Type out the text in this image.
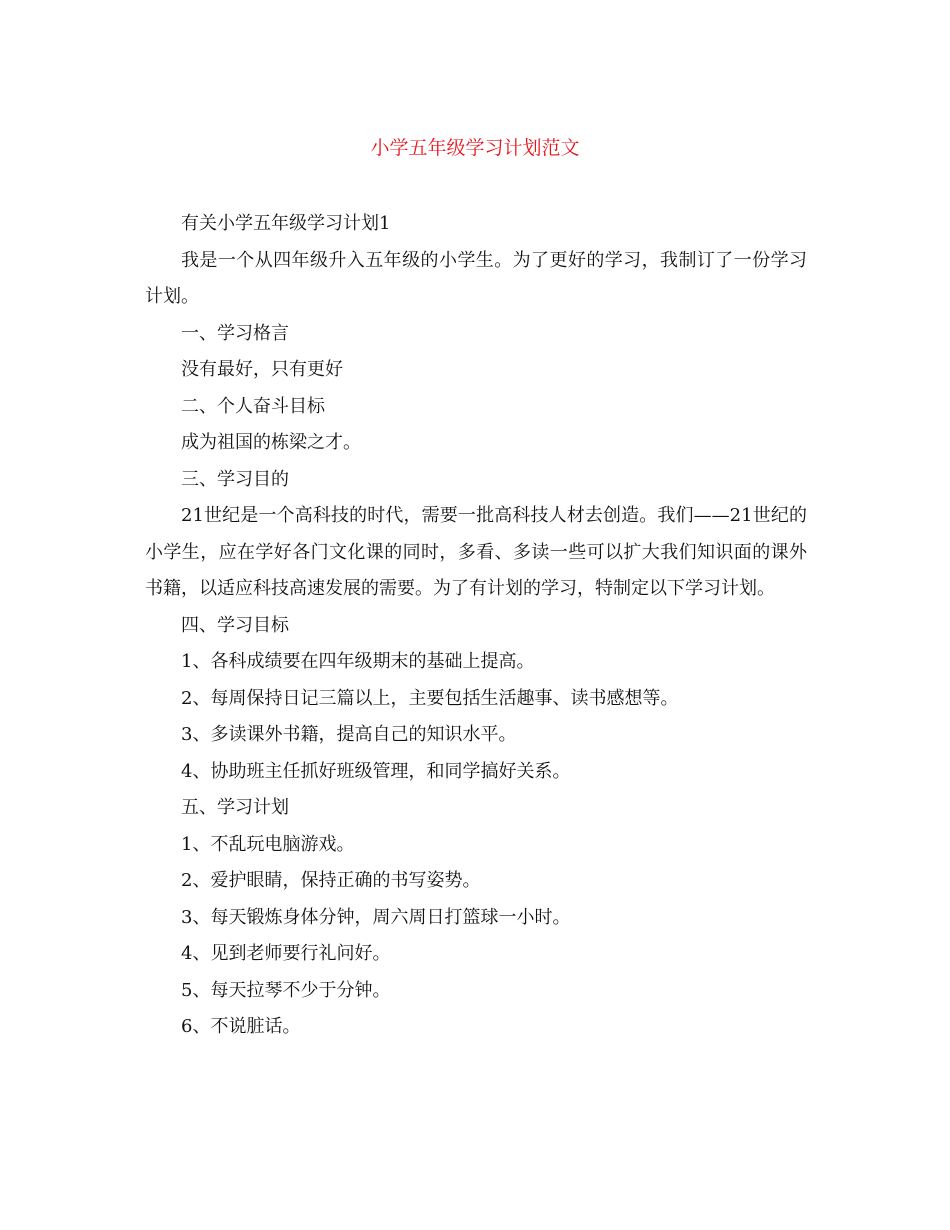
小学五年级学习计划范文

有关小学五年级学习计划1

我是一个从四年级升入五年级的小学生。为了更好的学习，我制订了一份学习计划。

一、学习格言

没有最好，只有更好

二、个人奋斗目标

成为祖国的栋梁之才。

三、学习目的

21世纪是一个高科技的时代，需要一批高科技人材去创造。我们——21世纪的小学生，应在学好各门文化课的同时，多看、多读一些可以扩大我们知识面的课外书籍，以适应科技高速发展的需要。为了有计划的学习，特制定以下学习计划。

四、学习目标

1、各科成绩要在四年级期末的基础上提高。

2、每周保持日记三篇以上，主要包括生活趣事、读书感想等。

3、多读课外书籍，提高自己的知识水平。

4、协助班主任抓好班级管理，和同学搞好关系。

五、学习计划

1、不乱玩电脑游戏。

2、爱护眼睛，保持正确的书写姿势。

3、每天锻炼身体分钟，周六周日打篮球一小时。

4、见到老师要行礼问好。

5、每天拉琴不少于分钟。

6、不说脏话。
